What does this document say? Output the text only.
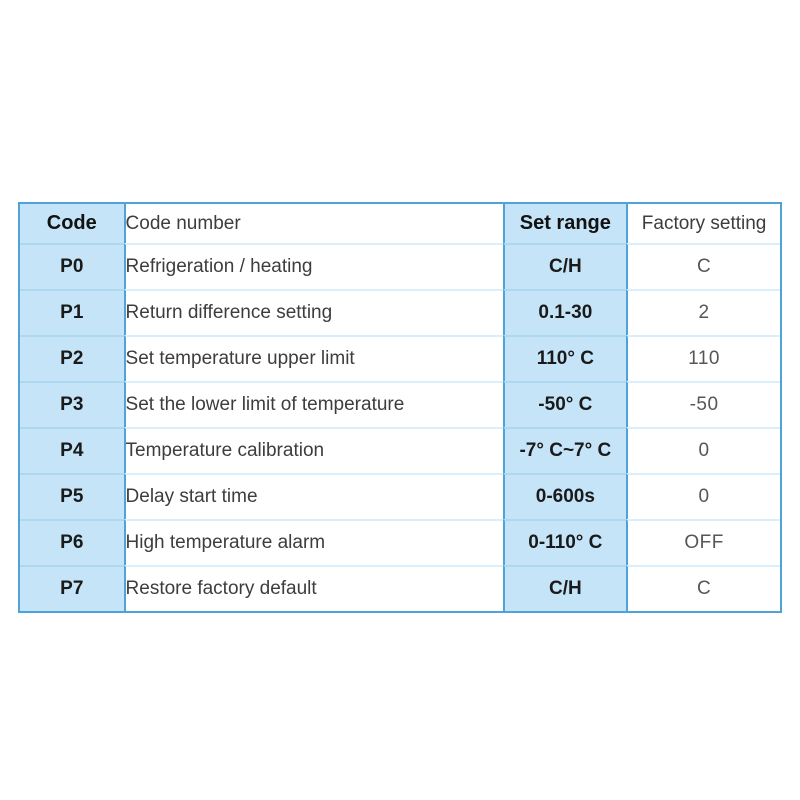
Code	Code number	Set range	Factory setting
P0	Refrigeration / heating	C/H	C
P1	Return difference setting	0.1-30	2
P2	Set temperature upper limit	110° C	110
P3	Set the lower limit of temperature	-50° C	-50
P4	Temperature calibration	-7° C~7° C	0
P5	Delay start time	0-600s	0
P6	High temperature alarm	0-110° C	OFF
P7	Restore factory default	C/H	C
